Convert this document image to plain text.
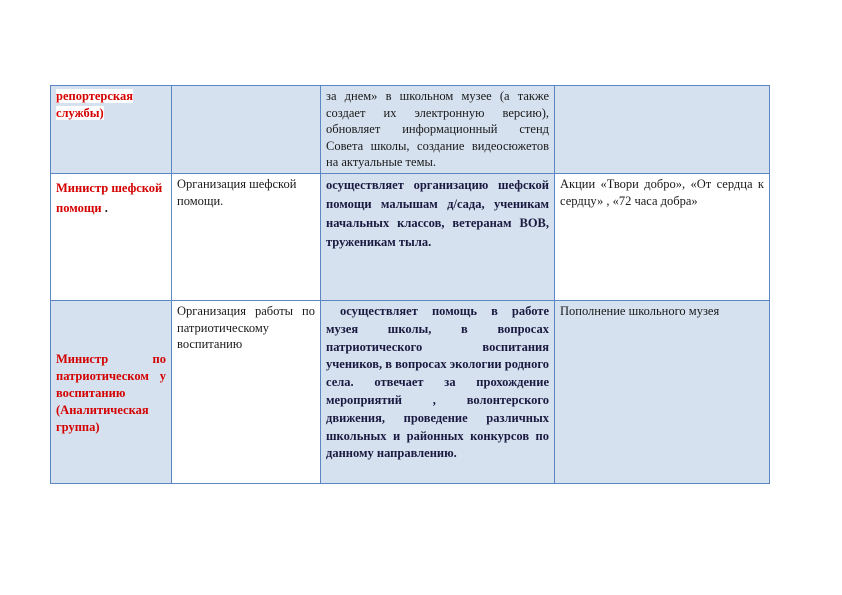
репортерская службы)		за днем» в школьном музее (а также создает их электронную версию), обновляет информационный стенд Совета школы, создание видеосюжетов на актуальные темы.	
Министр шефской помощи .	Организация шефской помощи.	осуществляет организацию шефской помощи малышам д/сада, ученикам начальных классов, ветеранам ВОВ, труженикам тыла.	Акции «Твори добро», «От сердца к сердцу» , «72 часа добра»

Министр по патриотическом у воспитанию (Аналитическая группа)	Организация работы по патриотическому воспитанию	осуществляет помощь в работе музея школы, в вопросах патриотического воспитания учеников, в вопросах экологии родного села. отвечает за прохождение мероприятий , волонтерского движения, проведение различных школьных и районных конкурсов по данному направлению.	Пополнение школьного музея
